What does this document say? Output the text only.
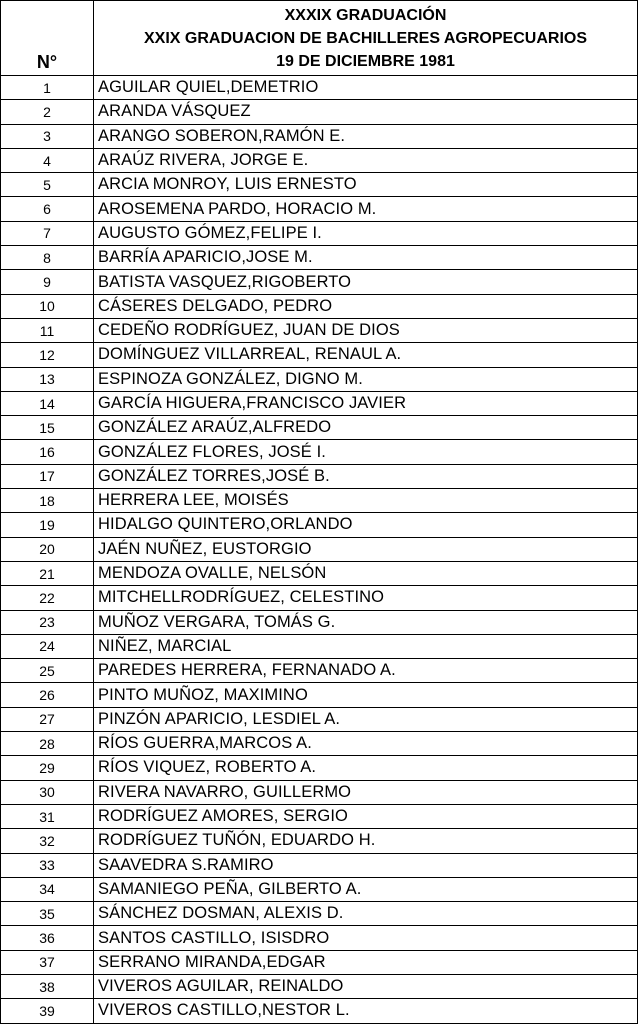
N°	XXXIX GRADUACIÓN
XXIX GRADUACION DE BACHILLERES AGROPECUARIOS
19 DE DICIEMBRE 1981

1	AGUILAR QUIEL,DEMETRIO
2	ARANDA VÁSQUEZ
3	ARANGO SOBERON,RAMÓN E.
4	ARAÚZ RIVERA, JORGE E.
5	ARCIA MONROY, LUIS ERNESTO
6	AROSEMENA PARDO, HORACIO M.
7	AUGUSTO GÓMEZ,FELIPE I.
8	BARRÍA APARICIO,JOSE M.
9	BATISTA VASQUEZ,RIGOBERTO
10	CÁSERES DELGADO, PEDRO
11	CEDEÑO RODRÍGUEZ, JUAN DE DIOS
12	DOMÍNGUEZ VILLARREAL, RENAUL A.
13	ESPINOZA GONZÁLEZ, DIGNO M.
14	GARCÍA HIGUERA,FRANCISCO JAVIER
15	GONZÁLEZ ARAÚZ,ALFREDO
16	GONZÁLEZ FLORES, JOSÉ I.
17	GONZÁLEZ TORRES,JOSÉ B.
18	HERRERA LEE, MOISÉS
19	HIDALGO QUINTERO,ORLANDO
20	JAÉN NUÑEZ, EUSTORGIO
21	MENDOZA OVALLE, NELSÓN
22	MITCHELLRODRÍGUEZ, CELESTINO
23	MUÑOZ VERGARA, TOMÁS G.
24	NIÑEZ, MARCIAL
25	PAREDES HERRERA, FERNANADO A.
26	PINTO MUÑOZ, MAXIMINO
27	PINZÓN APARICIO, LESDIEL A.
28	RÍOS GUERRA,MARCOS A.
29	RÍOS VIQUEZ, ROBERTO A.
30	RIVERA NAVARRO, GUILLERMO
31	RODRÍGUEZ AMORES, SERGIO
32	RODRÍGUEZ TUÑÓN, EDUARDO H.
33	SAAVEDRA S.RAMIRO
34	SAMANIEGO PEÑA, GILBERTO A.
35	SÁNCHEZ DOSMAN, ALEXIS D.
36	SANTOS CASTILLO, ISISDRO
37	SERRANO MIRANDA,EDGAR
38	VIVEROS AGUILAR, REINALDO
39	VIVEROS CASTILLO,NESTOR L.
